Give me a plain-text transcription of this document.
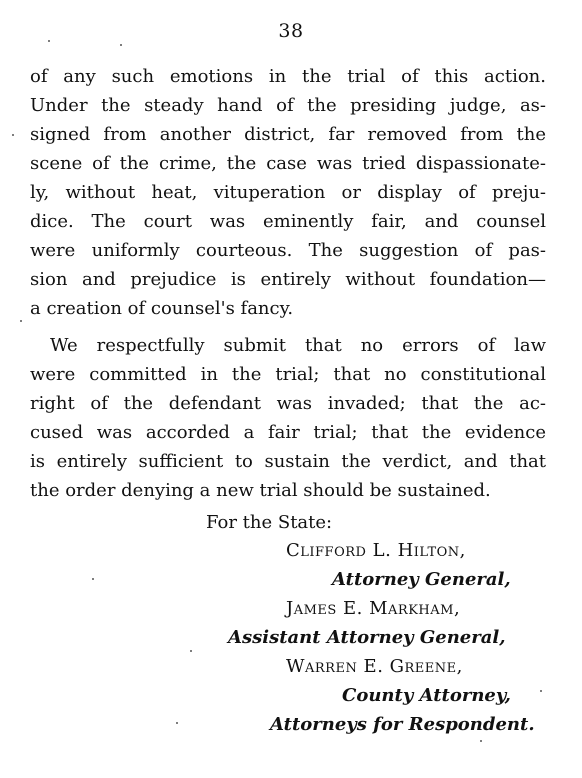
38
of any such emotions in the trial of this action.
Under the steady hand of the presiding judge, as-
signed from another district, far removed from the
scene of the crime, the case was tried dispassionate-
ly, without heat, vituperation or display of preju-
dice. The court was eminently fair, and counsel
were uniformly courteous. The suggestion of pas-
sion and prejudice is entirely without foundation—
a creation of counsel's fancy.
We respectfully submit that no errors of law
were committed in the trial; that no constitutional
right of the defendant was invaded; that the ac-
cused was accorded a fair trial; that the evidence
is entirely sufficient to sustain the verdict, and that
the order denying a new trial should be sustained.
For the State:
Clifford L. Hilton,
Attorney General,
James E. Markham,
Assistant Attorney General,
Warren E. Greene,
County Attorney,
Attorneys for Respondent.
